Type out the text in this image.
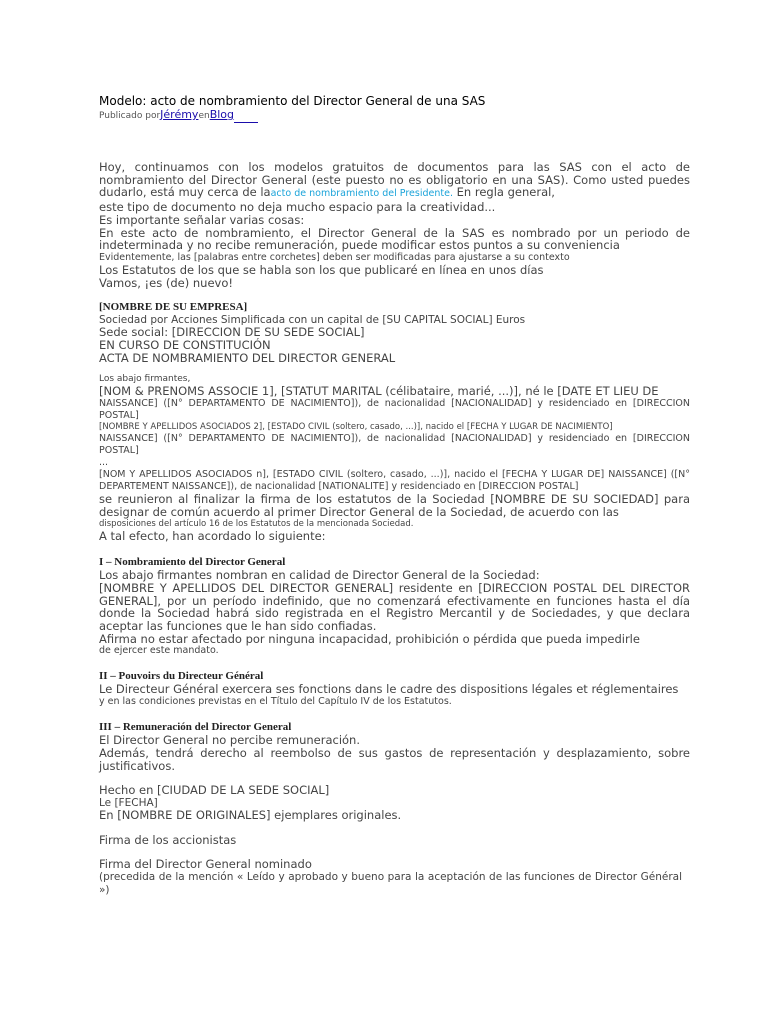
Modelo: acto de nombramiento del Director General de una SAS
Publicado porJérémyenBlog

Hoy, continuamos con los modelos gratuitos de documentos para las SAS con el acto de nombramiento del Director General (este puesto no es obligatorio en una SAS). Como usted puedes dudarlo, está muy cerca de laacto de nombramiento del Presidente. En regla general,

este tipo de documento no deja mucho espacio para la creatividad...

Es importante señalar varias cosas:

En este acto de nombramiento, el Director General de la SAS es nombrado por un periodo de indeterminada y no recibe remuneración, puede modificar estos puntos a su conveniencia

Evidentemente, las [palabras entre corchetes] deben ser modificadas para ajustarse a su contexto

Los Estatutos de los que se habla son los que publicaré en línea en unos días

Vamos, ¡es (de) nuevo!

[NOMBRE DE SU EMPRESA]

Sociedad por Acciones Simplificada con un capital de [SU CAPITAL SOCIAL] Euros

Sede social: [DIRECCION DE SU SEDE SOCIAL]

EN CURSO DE CONSTITUCIÓN

ACTA DE NOMBRAMIENTO DEL DIRECTOR GENERAL

Los abajo firmantes,

[NOM & PRENOMS ASSOCIE 1], [STATUT MARITAL (célibataire, marié, ...)], né le [DATE ET LIEU DE

NAISSANCE] ([N° DEPARTAMENTO DE NACIMIENTO]), de nacionalidad [NACIONALIDAD] y residenciado en [DIRECCION POSTAL]

[NOMBRE Y APELLIDOS ASOCIADOS 2], [ESTADO CIVIL (soltero, casado, ...)], nacido el [FECHA Y LUGAR DE NACIMIENTO]

NAISSANCE] ([N° DEPARTAMENTO DE NACIMIENTO]), de nacionalidad [NACIONALIDAD] y residenciado en [DIRECCION POSTAL]

...

[NOM Y APELLIDOS ASOCIADOS n], [ESTADO CIVIL (soltero, casado, ...)], nacido el [FECHA Y LUGAR DE] NAISSANCE] ([N° DEPARTEMENT NAISSANCE]), de nacionalidad [NATIONALITE] y residenciado en [DIRECCION POSTAL]

se reunieron al finalizar la firma de los estatutos de la Sociedad [NOMBRE DE SU SOCIEDAD] para designar de común acuerdo al primer Director General de la Sociedad, de acuerdo con las

disposiciones del artículo 16 de los Estatutos de la mencionada Sociedad.

A tal efecto, han acordado lo siguiente:

I – Nombramiento del Director General

Los abajo firmantes nombran en calidad de Director General de la Sociedad:

[NOMBRE Y APELLIDOS DEL DIRECTOR GENERAL] residente en [DIRECCION POSTAL DEL DIRECTOR GENERAL], por un período indefinido, que no comenzará efectivamente en funciones hasta el día donde la Sociedad habrá sido registrada en el Registro Mercantil y de Sociedades, y que declara aceptar las funciones que le han sido confiadas.

Afirma no estar afectado por ninguna incapacidad, prohibición o pérdida que pueda impedirle

de ejercer este mandato.

II – Pouvoirs du Directeur Général

Le Directeur Général exercera ses fonctions dans le cadre des dispositions légales et réglementaires

y en las condiciones previstas en el Título del Capítulo IV de los Estatutos.

III – Remuneración del Director General

El Director General no percibe remuneración.

Además, tendrá derecho al reembolso de sus gastos de representación y desplazamiento, sobre justificativos.

Hecho en [CIUDAD DE LA SEDE SOCIAL]

Le [FECHA]

En [NOMBRE DE ORIGINALES] ejemplares originales.

Firma de los accionistas

Firma del Director General nominado

(precedida de la mención « Leído y aprobado y bueno para la aceptación de las funciones de Director Général »)
